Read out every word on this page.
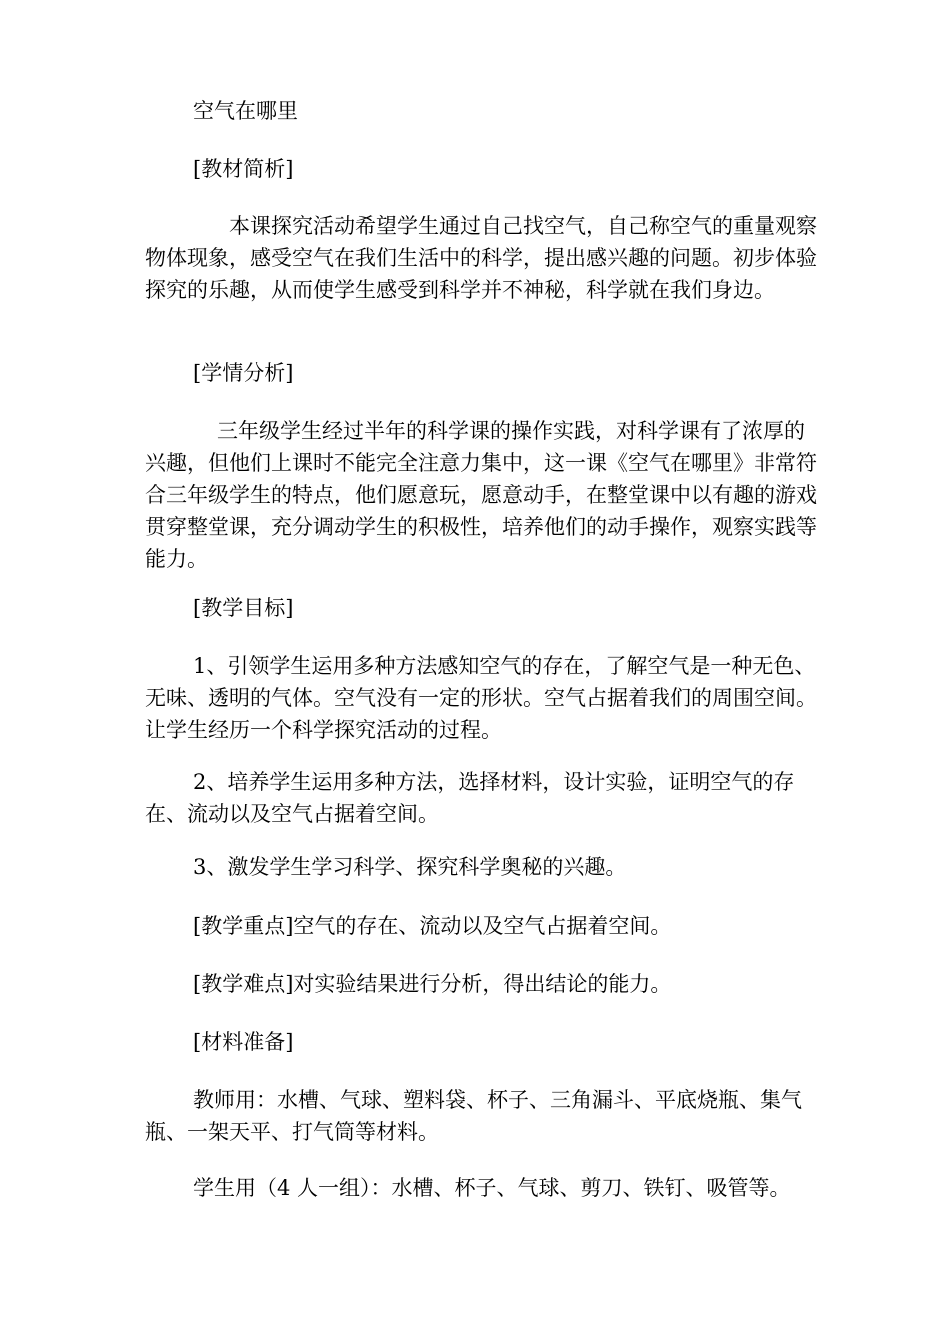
空气在哪里

[教材简析]

本课探究活动希望学生通过自己找空气，自己称空气的重量观察物体现象，感受空气在我们生活中的科学，提出感兴趣的问题。初步体验探究的乐趣，从而使学生感受到科学并不神秘，科学就在我们身边。

[学情分析]

三年级学生经过半年的科学课的操作实践，对科学课有了浓厚的兴趣，但他们上课时不能完全注意力集中，这一课《空气在哪里》非常符合三年级学生的特点，他们愿意玩，愿意动手，在整堂课中以有趣的游戏贯穿整堂课，充分调动学生的积极性，培养他们的动手操作，观察实践等能力。

[教学目标]

1、引领学生运用多种方法感知空气的存在，了解空气是一种无色、无味、透明的气体。空气没有一定的形状。空气占据着我们的周围空间。让学生经历一个科学探究活动的过程。

2、培养学生运用多种方法，选择材料，设计实验，证明空气的存在、流动以及空气占据着空间。

3、激发学生学习科学、探究科学奥秘的兴趣。

[教学重点]空气的存在、流动以及空气占据着空间。

[教学难点]对实验结果进行分析，得出结论的能力。

[材料准备]

教师用：水槽、气球、塑料袋、杯子、三角漏斗、平底烧瓶、集气瓶、一架天平、打气筒等材料。

学生用（4 人一组）：水槽、杯子、气球、剪刀、铁钉、吸管等。
